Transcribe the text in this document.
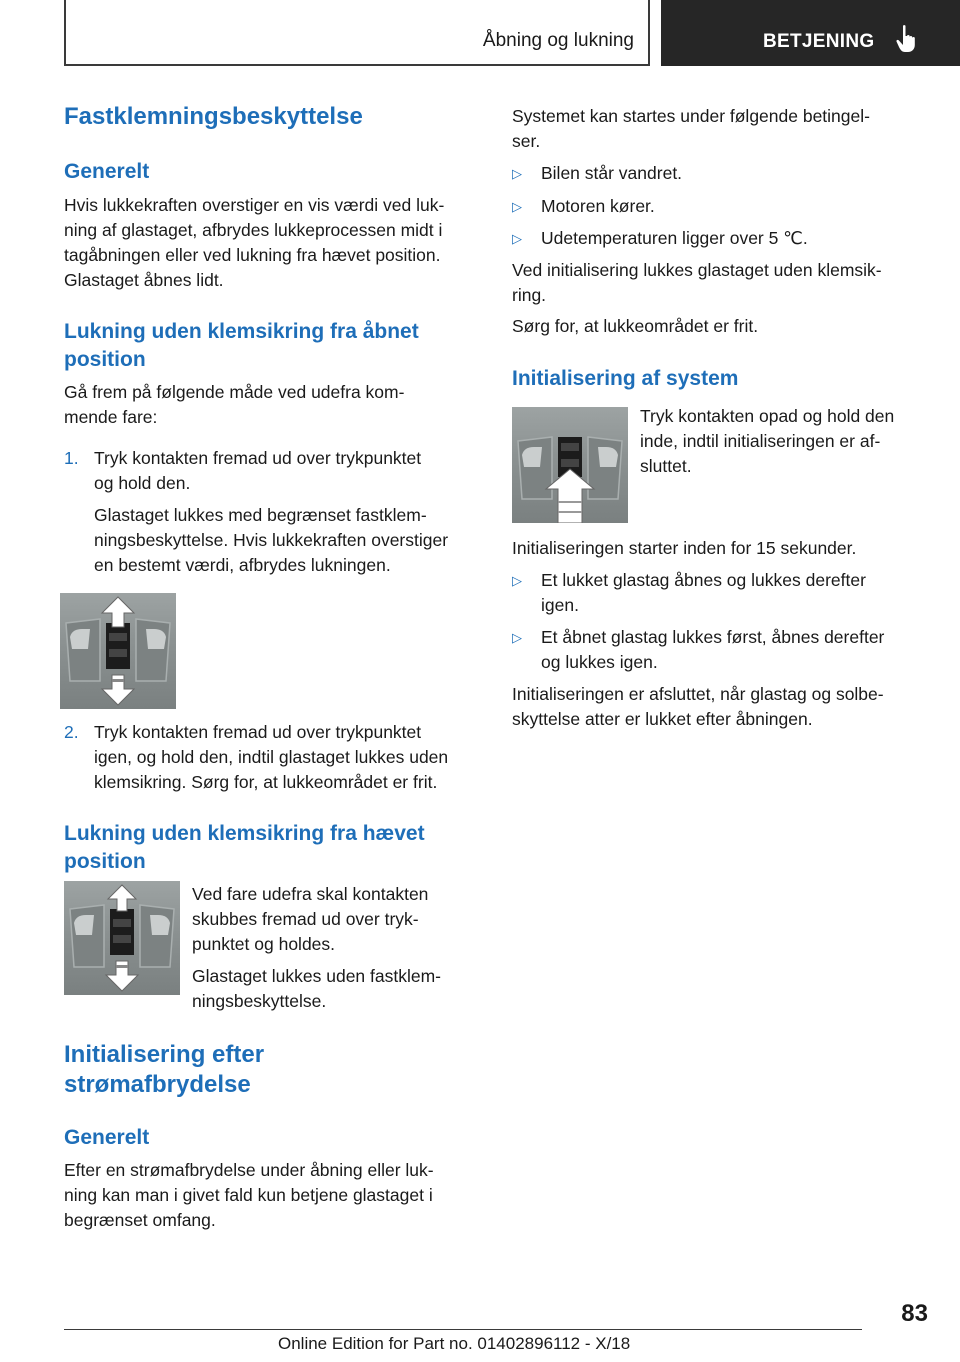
Åbning og lukning	BETJENING
Fastklemningsbeskyttelse
Generelt
Hvis lukkekraften overstiger en vis værdi ved luk-
ning af glastaget, afbrydes lukkeprocessen midt i
tagåbningen eller ved lukning fra hævet position.
Glastaget åbnes lidt.
Lukning uden klemsikring fra åbnet
position
Gå frem på følgende måde ved udefra kom-
mende fare:
1. Tryk kontakten fremad ud over trykpunktet
og hold den.
Glastaget lukkes med begrænset fastklem-
ningsbeskyttelse. Hvis lukkekraften overstiger
en bestemt værdi, afbrydes lukningen.
2. Tryk kontakten fremad ud over trykpunktet
igen, og hold den, indtil glastaget lukkes uden
klemsikring. Sørg for, at lukkeområdet er frit.
Lukning uden klemsikring fra hævet
position
Ved fare udefra skal kontakten
skubbes fremad ud over tryk-
punktet og holdes.
Glastaget lukkes uden fastklem-
ningsbeskyttelse.
Initialisering efter
strømafbrydelse
Generelt
Efter en strømafbrydelse under åbning eller luk-
ning kan man i givet fald kun betjene glastaget i
begrænset omfang.
Systemet kan startes under følgende betingel-
ser.
▷ Bilen står vandret.
▷ Motoren kører.
▷ Udetemperaturen ligger over 5 ℃.
Ved initialisering lukkes glastaget uden klemsik-
ring.
Sørg for, at lukkeområdet er frit.
Initialisering af system
Tryk kontakten opad og hold den
inde, indtil initialiseringen er af-
sluttet.
Initialiseringen starter inden for 15 sekunder.
▷ Et lukket glastag åbnes og lukkes derefter
igen.
▷ Et åbnet glastag lukkes først, åbnes derefter
og lukkes igen.
Initialiseringen er afsluttet, når glastag og solbe-
skyttelse atter er lukket efter åbningen.
83
Online Edition for Part no. 01402896112 - X/18
